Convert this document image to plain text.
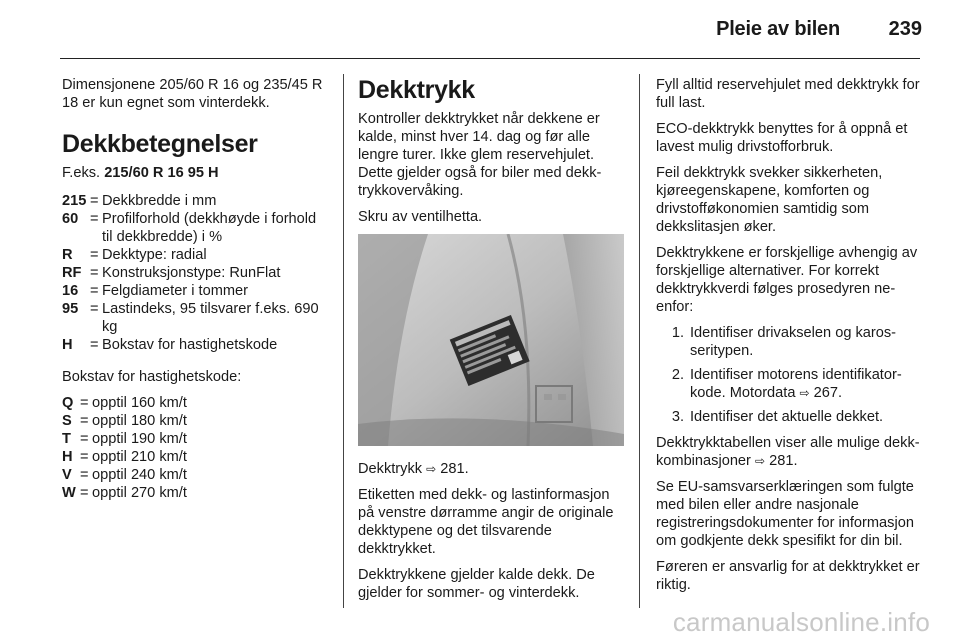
Pleie av bilen 239

Dimensjonene 205/60 R 16 og 235/45 R 18 er kun egnet som vinterdekk.

Dekkbetegnelser

F.eks. 215/60 R 16 95 H

215 = Dekkbredde i mm
60 = Profilforhold (dekkhøyde i forhold til dekkbredde) i %
R	= Dekktype: radial
RF = Konstruksjonstype: RunFlat
16 = Felgdiameter i tommer
95 = Lastindeks, 95 tilsvarer f.eks. 690 kg
H	= Bokstav for hastighetskode

Bokstav for hastighetskode:

Q = opptil 160 km/t
S = opptil 180 km/t
T = opptil 190 km/t
H = opptil 210 km/t
V = opptil 240 km/t
W = opptil 270 km/t
Dekktrykk

Kontroller dekktrykket når dekkene er kalde, minst hver 14. dag og før alle lengre turer. Ikke glem reservehjulet. Dette gjelder også for biler med dekktrykkovervåking.

Skru av ventilhetta.

Dekktrykk ⇨ 281.

Etiketten med dekk- og lastinformasjon på venstre dørramme angir de originale dekktypene og det tilsvarende dekktrykket.

Dekktrykkene gjelder kalde dekk. De gjelder for sommer- og vinterdekk.

Fyll alltid reservehjulet med dekktrykk for full last.

ECO-dekktrykk benyttes for å oppnå et lavest mulig drivstofforbruk.

Feil dekktrykk svekker sikkerheten, kjøreegenskapene, komforten og drivstofføkonomien samtidig som dekkslitasjen øker.

Dekktrykkene er forskjellige avhengig av forskjellige alternativer. For korrekt dekktrykkverdi følges prosedyren neenfor:

1. Identifiser drivakselen og karosseritypen.
2. Identifiser motorens identifikatorkode. Motordata ⇨ 267.
3. Identifiser det aktuelle dekket.

Dekktrykktabellen viser alle mulige dekk-kombinasjoner ⇨ 281.

Se EU-samsvarserklæringen som fulgte med bilen eller andre nasjonale registreringsdokumenter for informasjon om godkjente dekk spesifikt for din bil.

Føreren er ansvarlig for at dekktrykket er riktig.

carmanualsonline.info
